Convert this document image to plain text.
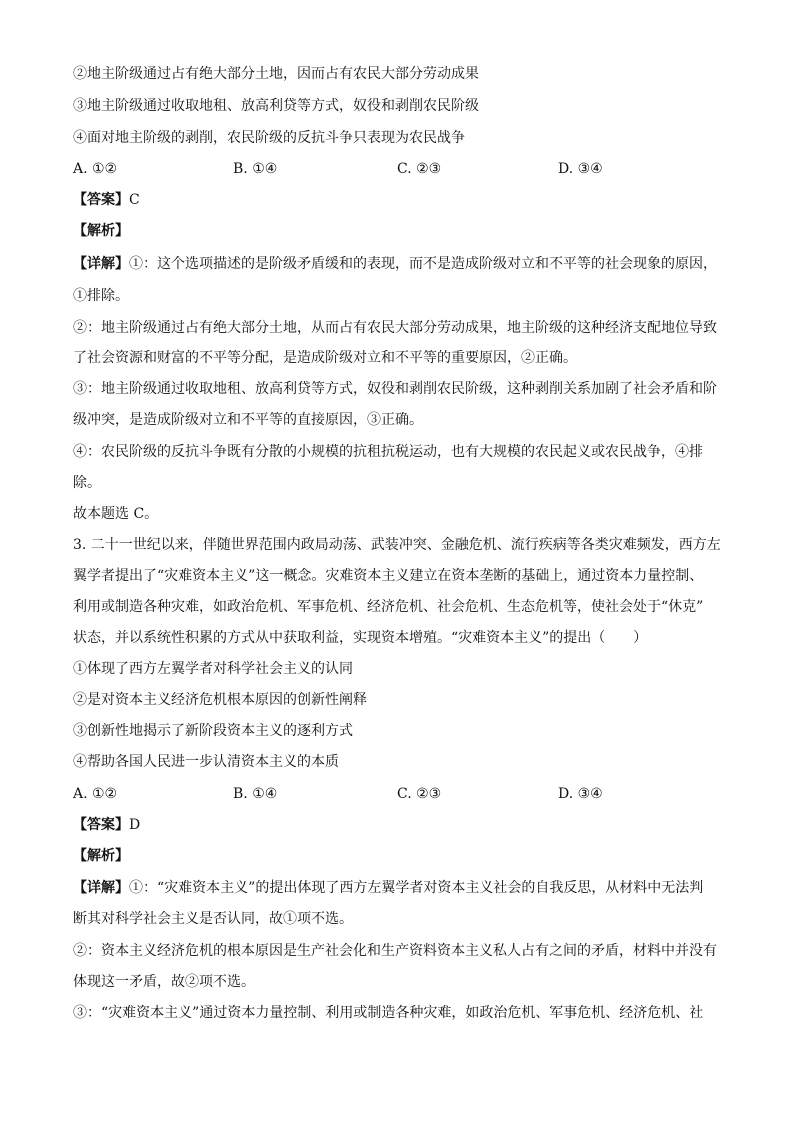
②地主阶级通过占有绝大部分土地，因而占有农民大部分劳动成果
③地主阶级通过收取地租、放高利贷等方式，奴役和剥削农民阶级
④面对地主阶级的剥削，农民阶级的反抗斗争只表现为农民战争
A. ①②	B. ①④	C. ②③	D. ③④
【答案】C
【解析】
【详解】①：这个选项描述的是阶级矛盾缓和的表现，而不是造成阶级对立和不平等的社会现象的原因，
①排除。
②：地主阶级通过占有绝大部分土地，从而占有农民大部分劳动成果，地主阶级的这种经济支配地位导致
了社会资源和财富的不平等分配，是造成阶级对立和不平等的重要原因，②正确。
③：地主阶级通过收取地租、放高利贷等方式，奴役和剥削农民阶级，这种剥削关系加剧了社会矛盾和阶
级冲突，是造成阶级对立和不平等的直接原因，③正确。
④：农民阶级的反抗斗争既有分散的小规模的抗租抗税运动，也有大规模的农民起义或农民战争，④排
除。
故本题选 C。
3. 二十一世纪以来，伴随世界范围内政局动荡、武装冲突、金融危机、流行疾病等各类灾难频发，西方左
翼学者提出了“灾难资本主义”这一概念。灾难资本主义建立在资本垄断的基础上，通过资本力量控制、
利用或制造各种灾难，如政治危机、军事危机、经济危机、社会危机、生态危机等，使社会处于“休克”
状态，并以系统性积累的方式从中获取利益，实现资本增殖。“灾难资本主义”的提出（　　）
①体现了西方左翼学者对科学社会主义的认同
②是对资本主义经济危机根本原因的创新性阐释
③创新性地揭示了新阶段资本主义的逐利方式
④帮助各国人民进一步认清资本主义的本质
A. ①②	B. ①④	C. ②③	D. ③④
【答案】D
【解析】
【详解】①：“灾难资本主义”的提出体现了西方左翼学者对资本主义社会的自我反思，从材料中无法判
断其对科学社会主义是否认同，故①项不选。
②：资本主义经济危机的根本原因是生产社会化和生产资料资本主义私人占有之间的矛盾，材料中并没有
体现这一矛盾，故②项不选。
③：“灾难资本主义”通过资本力量控制、利用或制造各种灾难，如政治危机、军事危机、经济危机、社
